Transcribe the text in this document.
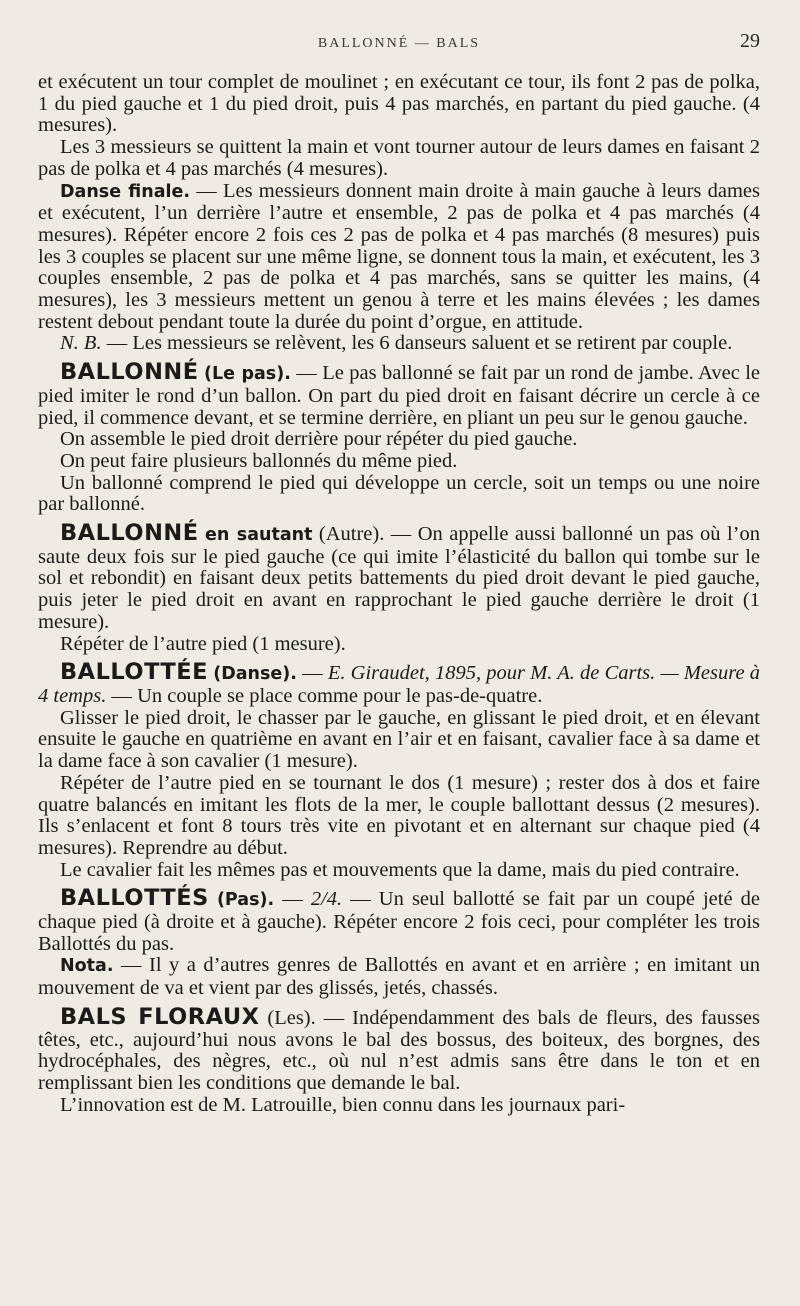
BALLONNÉ — BALS	29

et exécutent un tour complet de moulinet ; en exécutant ce tour, ils font 2 pas de polka, 1 du pied gauche et 1 du pied droit, puis 4 pas marchés, en partant du pied gauche. (4 mesures).

Les 3 messieurs se quittent la main et vont tourner autour de leurs dames en faisant 2 pas de polka et 4 pas marchés (4 mesures).

Danse finale. — Les messieurs donnent main droite à main gauche à leurs dames et exécutent, l’un derrière l’autre et ensemble, 2 pas de polka et 4 pas marchés (4 mesures). Répéter encore 2 fois ces 2 pas de polka et 4 pas marchés (8 mesures) puis les 3 couples se placent sur une même ligne, se donnent tous la main, et exécutent, les 3 couples ensemble, 2 pas de polka et 4 pas marchés, sans se quitter les mains, (4 mesures), les 3 messieurs mettent un genou à terre et les mains élevées ; les dames restent debout pendant toute la durée du point d’orgue, en attitude.

N. B. — Les messieurs se relèvent, les 6 danseurs saluent et se retirent par couple.

BALLONNÉ (Le pas). — Le pas ballonné se fait par un rond de jambe. Avec le pied imiter le rond d’un ballon. On part du pied droit en faisant décrire un cercle à ce pied, il commence devant, et se termine derrière, en pliant un peu sur le genou gauche.

On assemble le pied droit derrière pour répéter du pied gauche.

On peut faire plusieurs ballonnés du même pied.

Un ballonné comprend le pied qui développe un cercle, soit un temps ou une noire par ballonné.

BALLONNÉ en sautant (Autre). — On appelle aussi ballonné un pas où l’on saute deux fois sur le pied gauche (ce qui imite l’élasticité du ballon qui tombe sur le sol et rebondit) en faisant deux petits battements du pied droit devant le pied gauche, puis jeter le pied droit en avant en rapprochant le pied gauche derrière le droit (1 mesure).

Répéter de l’autre pied (1 mesure).

BALLOTTÉE (Danse). — E. Giraudet, 1895, pour M. A. de Carts. — Mesure à 4 temps. — Un couple se place comme pour le pas-de-quatre.

Glisser le pied droit, le chasser par le gauche, en glissant le pied droit, et en élevant ensuite le gauche en quatrième en avant en l’air et en faisant, cavalier face à sa dame et la dame face à son cavalier (1 mesure).

Répéter de l’autre pied en se tournant le dos (1 mesure) ; rester dos à dos et faire quatre balancés en imitant les flots de la mer, le couple ballottant dessus (2 mesures). Ils s’enlacent et font 8 tours très vite en pivotant et en alternant sur chaque pied (4 mesures). Reprendre au début.

Le cavalier fait les mêmes pas et mouvements que la dame, mais du pied contraire.

BALLOTTÉS (Pas). — 2/4. — Un seul ballotté se fait par un coupé jeté de chaque pied (à droite et à gauche). Répéter encore 2 fois ceci, pour compléter les trois Ballottés du pas.

Nota. — Il y a d’autres genres de Ballottés en avant et en arrière ; en imitant un mouvement de va et vient par des glissés, jetés, chassés.

BALS FLORAUX (Les). — Indépendamment des bals de fleurs, des fausses têtes, etc., aujourd’hui nous avons le bal des bossus, des boiteux, des borgnes, des hydrocéphales, des nègres, etc., où nul n’est admis sans être dans le ton et en remplissant bien les conditions que demande le bal.

L’innovation est de M. Latrouille, bien connu dans les journaux pari-
